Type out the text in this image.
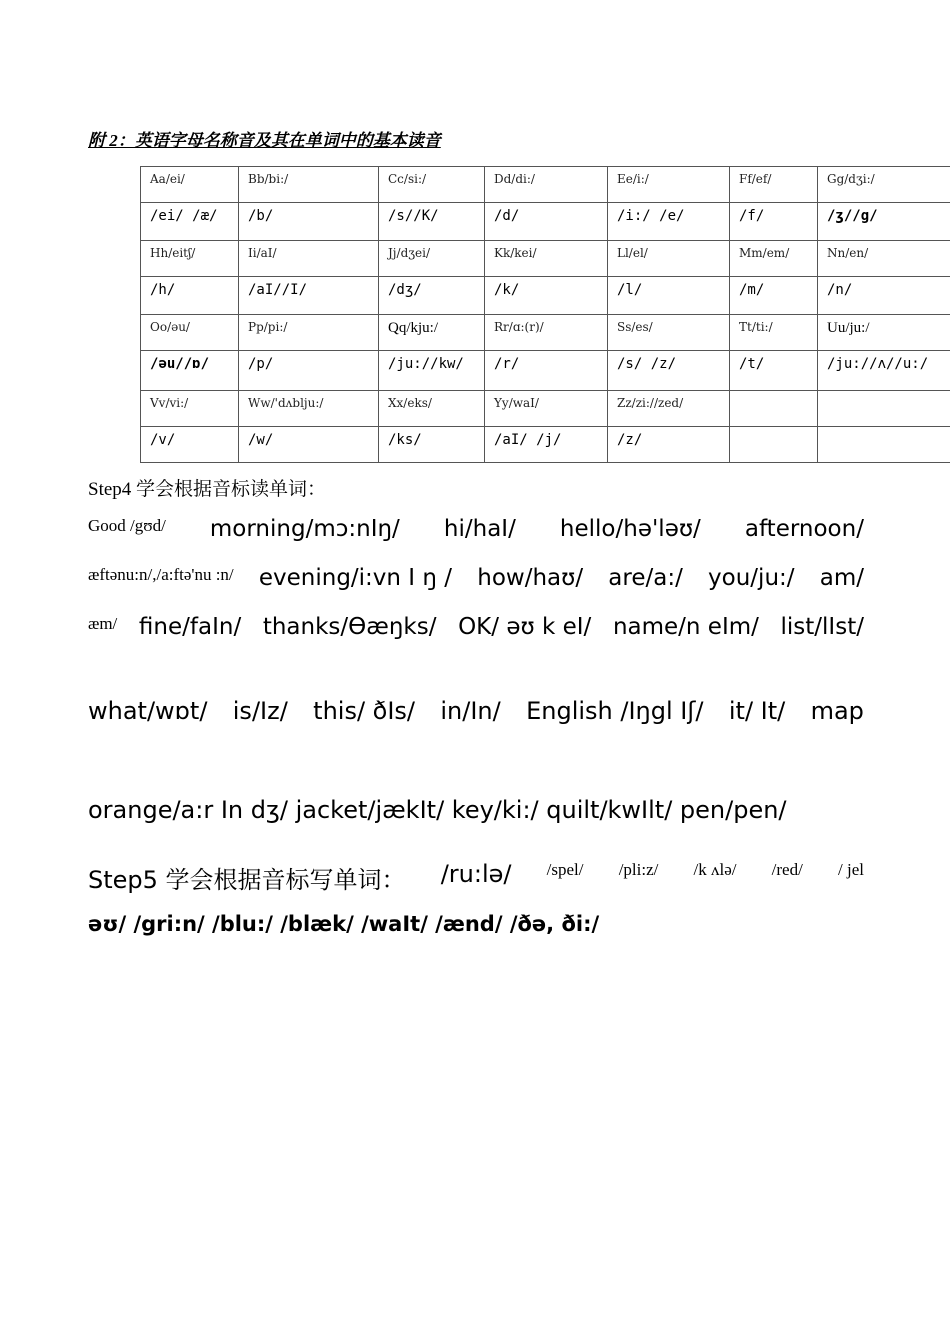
附 2：英语字母名称音及其在单词中的基本读音
Aa/ei/	Bb/bi:/	Cc/si:/	Dd/di:/	Ee/i:/	Ff/ef/	Gg/dʒi:/
/ei/ /æ/	/b/	/s//K/	/d/	/i:/ /e/	/f/	/ʒ//g/
Hh/eitʃ/	Ii/aI/	Jj/dʒei/	Kk/kei/	Ll/el/	Mm/em/	Nn/en/
/h/	/aI//I/	/dʒ/	/k/	/l/	/m/	/n/
Oo/əu/	Pp/pi:/	Qq/kju:/	Rr/ɑ:(r)/	Ss/es/	Tt/ti:/	Uu/ju:/
/əu//ɒ/	/p/	/ju://kw/	/r/	/s/ /z/	/t/	/ju://ʌ//u:/
Vv/vi:/	Ww/'dʌblju:/	Xx/eks/	Yy/waI/	Zz/zi://zed/		
/v/	/w/	/ks/	/aI/ /j/	/z/		
Step4 学会根据音标读单词：
Good /gʊd/ morning/mɔ:nIŋ/ hi/haI/ hello/hə'ləʊ/ afternoon/
æftənu:n/,/a:ftə'nu :n/ evening/i:vn I ŋ / how/haʊ/ are/a:/ you/ju:/ am/
æm/ fine/faIn/ thanks/Өæŋks/ OK/ əʊ k eI/ name/n eIm/ list/lIst/
what/wɒt/ is/Iz/ this/ ðIs/ in/In/ English /Iŋgl Iʃ/ it/ It/ map
orange/a:r In dʒ/ jacket/jækIt/ key/ki:/ quilt/kwIlt/ pen/pen/
Step5 学会根据音标写单词： /ru:lə/ /spel/ /pli:z/ /k ʌlə/ /red/ / jel
əʊ/ /gri:n/ /blu:/ /blæk/ /waIt/ /ænd/ /ðə, ði:/
